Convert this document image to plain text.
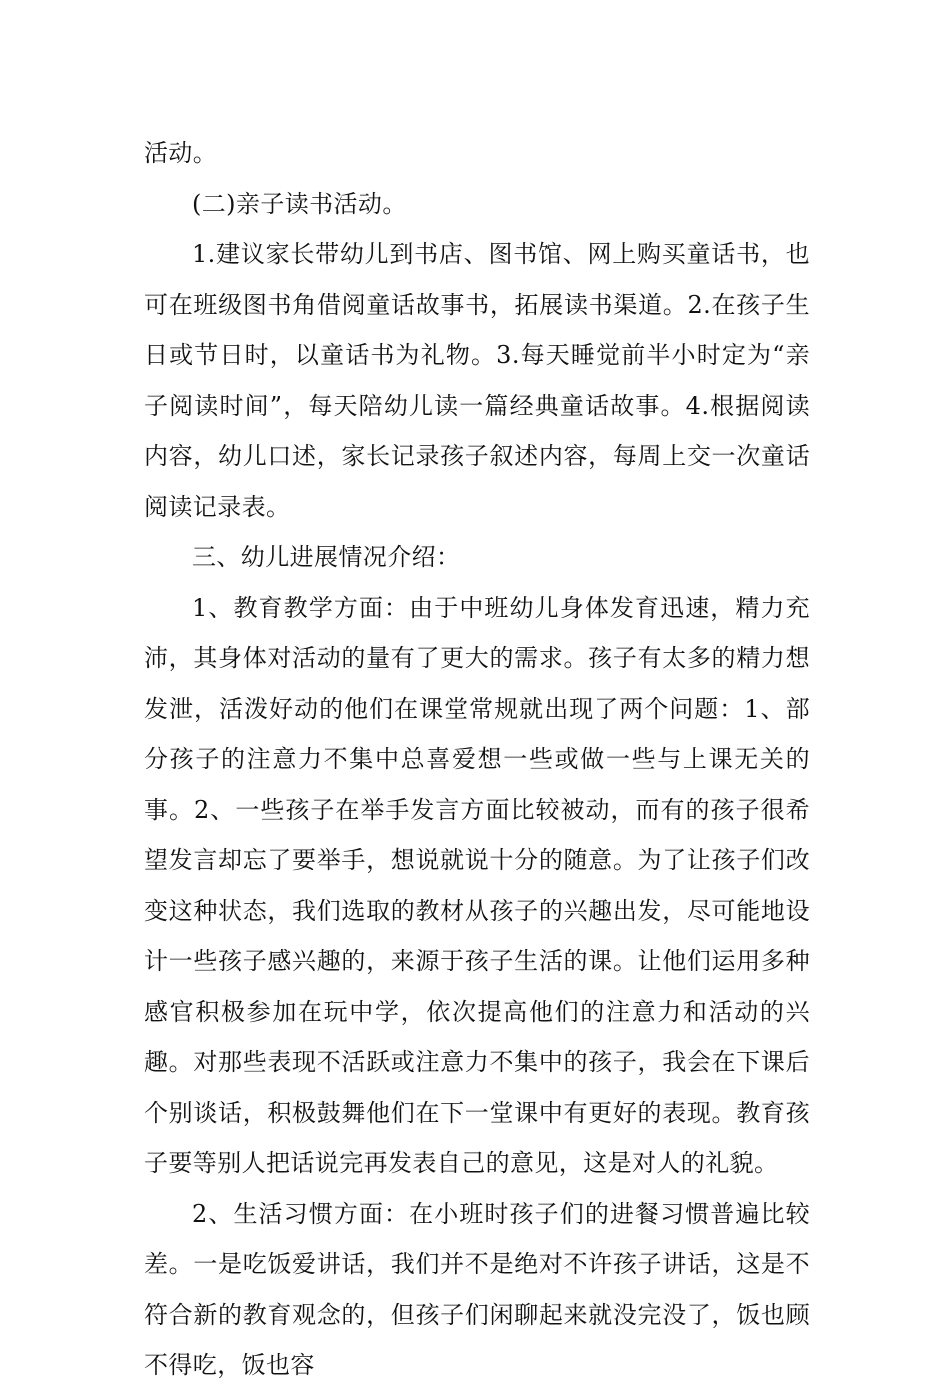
活动。

(二)亲子读书活动。

1.建议家长带幼儿到书店、图书馆、网上购买童话书，也可在班级图书角借阅童话故事书，拓展读书渠道。2.在孩子生日或节日时，以童话书为礼物。3.每天睡觉前半小时定为“亲子阅读时间”，每天陪幼儿读一篇经典童话故事。4.根据阅读内容，幼儿口述，家长记录孩子叙述内容，每周上交一次童话阅读记录表。

三、幼儿进展情况介绍：

1、教育教学方面：由于中班幼儿身体发育迅速，精力充沛，其身体对活动的量有了更大的需求。孩子有太多的精力想发泄，活泼好动的他们在课堂常规就出现了两个问题：1、部分孩子的注意力不集中总喜爱想一些或做一些与上课无关的事。2、一些孩子在举手发言方面比较被动，而有的孩子很希望发言却忘了要举手，想说就说十分的随意。为了让孩子们改变这种状态，我们选取的教材从孩子的兴趣出发，尽可能地设计一些孩子感兴趣的，来源于孩子生活的课。让他们运用多种感官积极参加在玩中学，依次提高他们的注意力和活动的兴趣。对那些表现不活跃或注意力不集中的孩子，我会在下课后个别谈话，积极鼓舞他们在下一堂课中有更好的表现。教育孩子要等别人把话说完再发表自己的意见，这是对人的礼貌。

2、生活习惯方面：在小班时孩子们的进餐习惯普遍比较差。一是吃饭爱讲话，我们并不是绝对不许孩子讲话，这是不符合新的教育观念的，但孩子们闲聊起来就没完没了，饭也顾不得吃，饭也容
